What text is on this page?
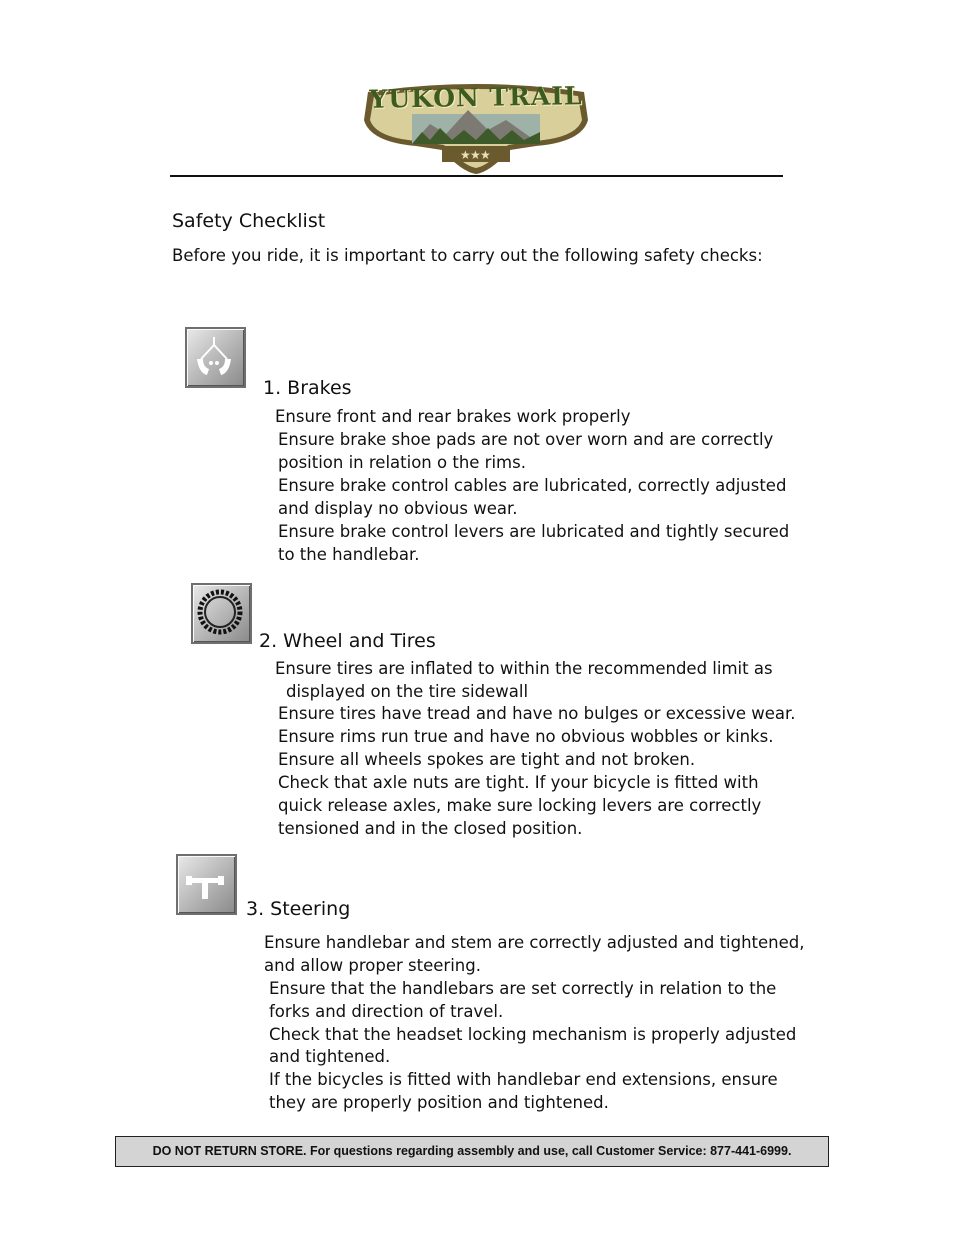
★ ★ ★
YUKON TRAIL
Safety Checklist
Before you ride, it is important to carry out the following safety checks:
1. Brakes
Ensure front and rear brakes work properly
Ensure brake shoe pads are not over worn and are correctly
position in relation o the rims.
Ensure brake control cables are lubricated, correctly adjusted
and display no obvious wear.
Ensure brake control levers are lubricated and tightly secured
to the handlebar.
2. Wheel and Tires
Ensure tires are inflated to within the recommended limit as
displayed on the tire sidewall
Ensure tires have tread and have no bulges or excessive wear.
Ensure rims run true and have no obvious wobbles or kinks.
Ensure all wheels spokes are tight and not broken.
Check that axle nuts are tight. If your bicycle is fitted with
quick release axles, make sure locking levers are correctly
tensioned and in the closed position.
3. Steering
Ensure handlebar and stem are correctly adjusted and tightened,
and allow proper steering.
Ensure that the handlebars are set correctly in relation to the
forks and direction of travel.
Check that the headset locking mechanism is properly adjusted
and tightened.
If the bicycles is fitted with handlebar end extensions, ensure
they are properly position and tightened.
DO NOT RETURN STORE. For questions regarding assembly and use, call Customer Service: 877-441-6999.
